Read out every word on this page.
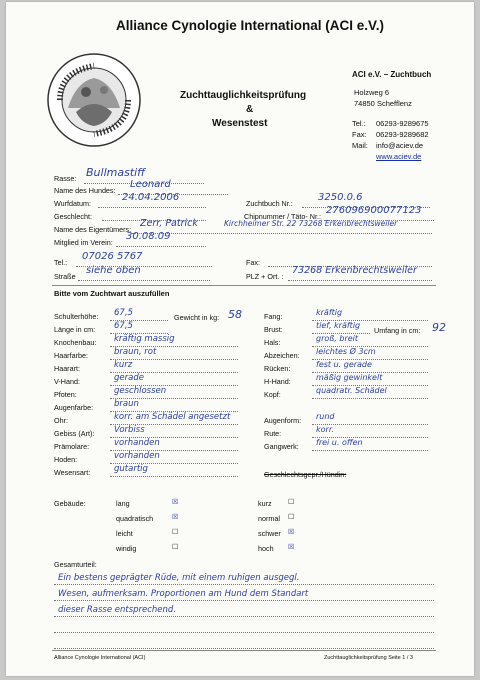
Alliance Cynologie International (ACI e.V.)
Zuchttauglichkeitsprüfung
&
Wesenstest
ACI e.V. – Zuchtbuch
Holzweg 6
74850 Schefflenz
Tel.: 06293-9289675
Fax: 06293-9289682
Mail: info@aciev.de
www.aciev.de
Rasse: Bullmastiff
Name des Hundes:
Leonard
Wurfdatum:
24.04.2006
Zuchtbuch Nr.:
3250.0.6
Geschlecht:	Chipnummer / Täto- Nr.:
276096900077123
Name des Eigentümers:
Zerr, Patrick	Kirchheimer Str. 22 73268 Erkenbrechtsweiler
Mitglied im Verein:
30.08.09
Tel.:
07026 5767
Fax:
Straße
siehe oben
PLZ + Ort. :
73268 Erkenbrechtsweiler
Bitte vom Zuchtwart auszufüllen
Schulterhöhe: 67,5
Länge in cm: 67,5
Knochenbau: kräftig massig
Haarfarbe:	braun, rot
Haarart:	kurz
V-Hand:	gerade
Pfoten:	geschlossen
Augenfarbe: braun
Ohr:	korr. am Schädel angesetzt
Gebiss (Art): Vorbiss
Prämolare:	vorhanden
Hoden:	vorhanden
Wesensart:	gutartig
Fang:	kräftig
Brust:	tief, kräftig
Hals:	groß, breit
Abzeichen: leichtes Ø 3cm
Rücken:	fest u. gerade
H-Hand:	mäßig gewinkelt
Kopf:	quadratr. Schädel
Augenform: rund
Rute:	korr.
Gangwerk: frei u. offen
Gewicht in kg: 58
Umfang in cm: 92
Geschlechtsgepr./Hündin:
Gebäude:	lang	☒
quadratisch	☒
leicht	☐
windig	☐
kurz ☐
normal ☐
schwer ☒
hoch ☒
Gesamturteil:
Ein bestens geprägter Rüde, mit einem ruhigen ausgegl.
Wesen, aufmerksam. Proportionen am Hund dem Standart
dieser Rasse entsprechend.
Alliance Cynologie International (ACI)	Zuchttauglichkeitsprüfung Seite 1 / 3
